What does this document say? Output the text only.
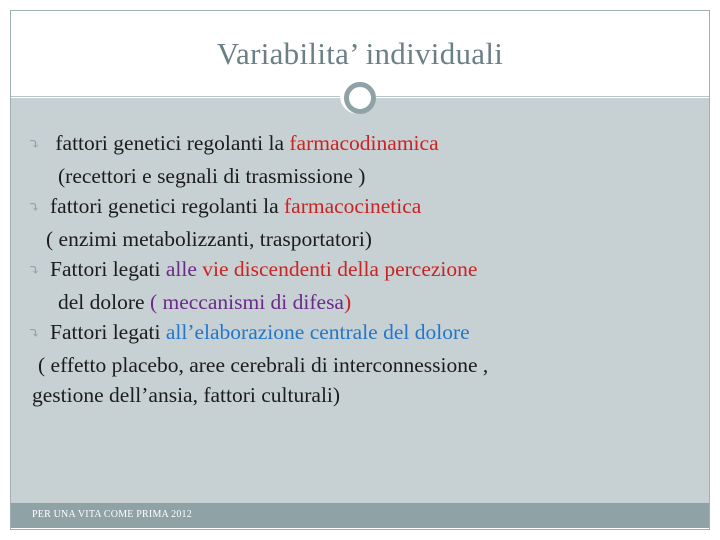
Variabilita’ individuali
⤵ fattori genetici regolanti la farmacodinamica
(recettori e segnali di trasmissione )
⤵ fattori genetici regolanti la farmacocinetica
( enzimi metabolizzanti, trasportatori)
⤵ Fattori legati alle vie discendenti della percezione
del dolore ( meccanismi di difesa)
⤵ Fattori legati all’elaborazione centrale del dolore
( effetto placebo, aree cerebrali di interconnessione ,
gestione dell’ansia, fattori culturali)
PER UNA VITA COME PRIMA 2012
